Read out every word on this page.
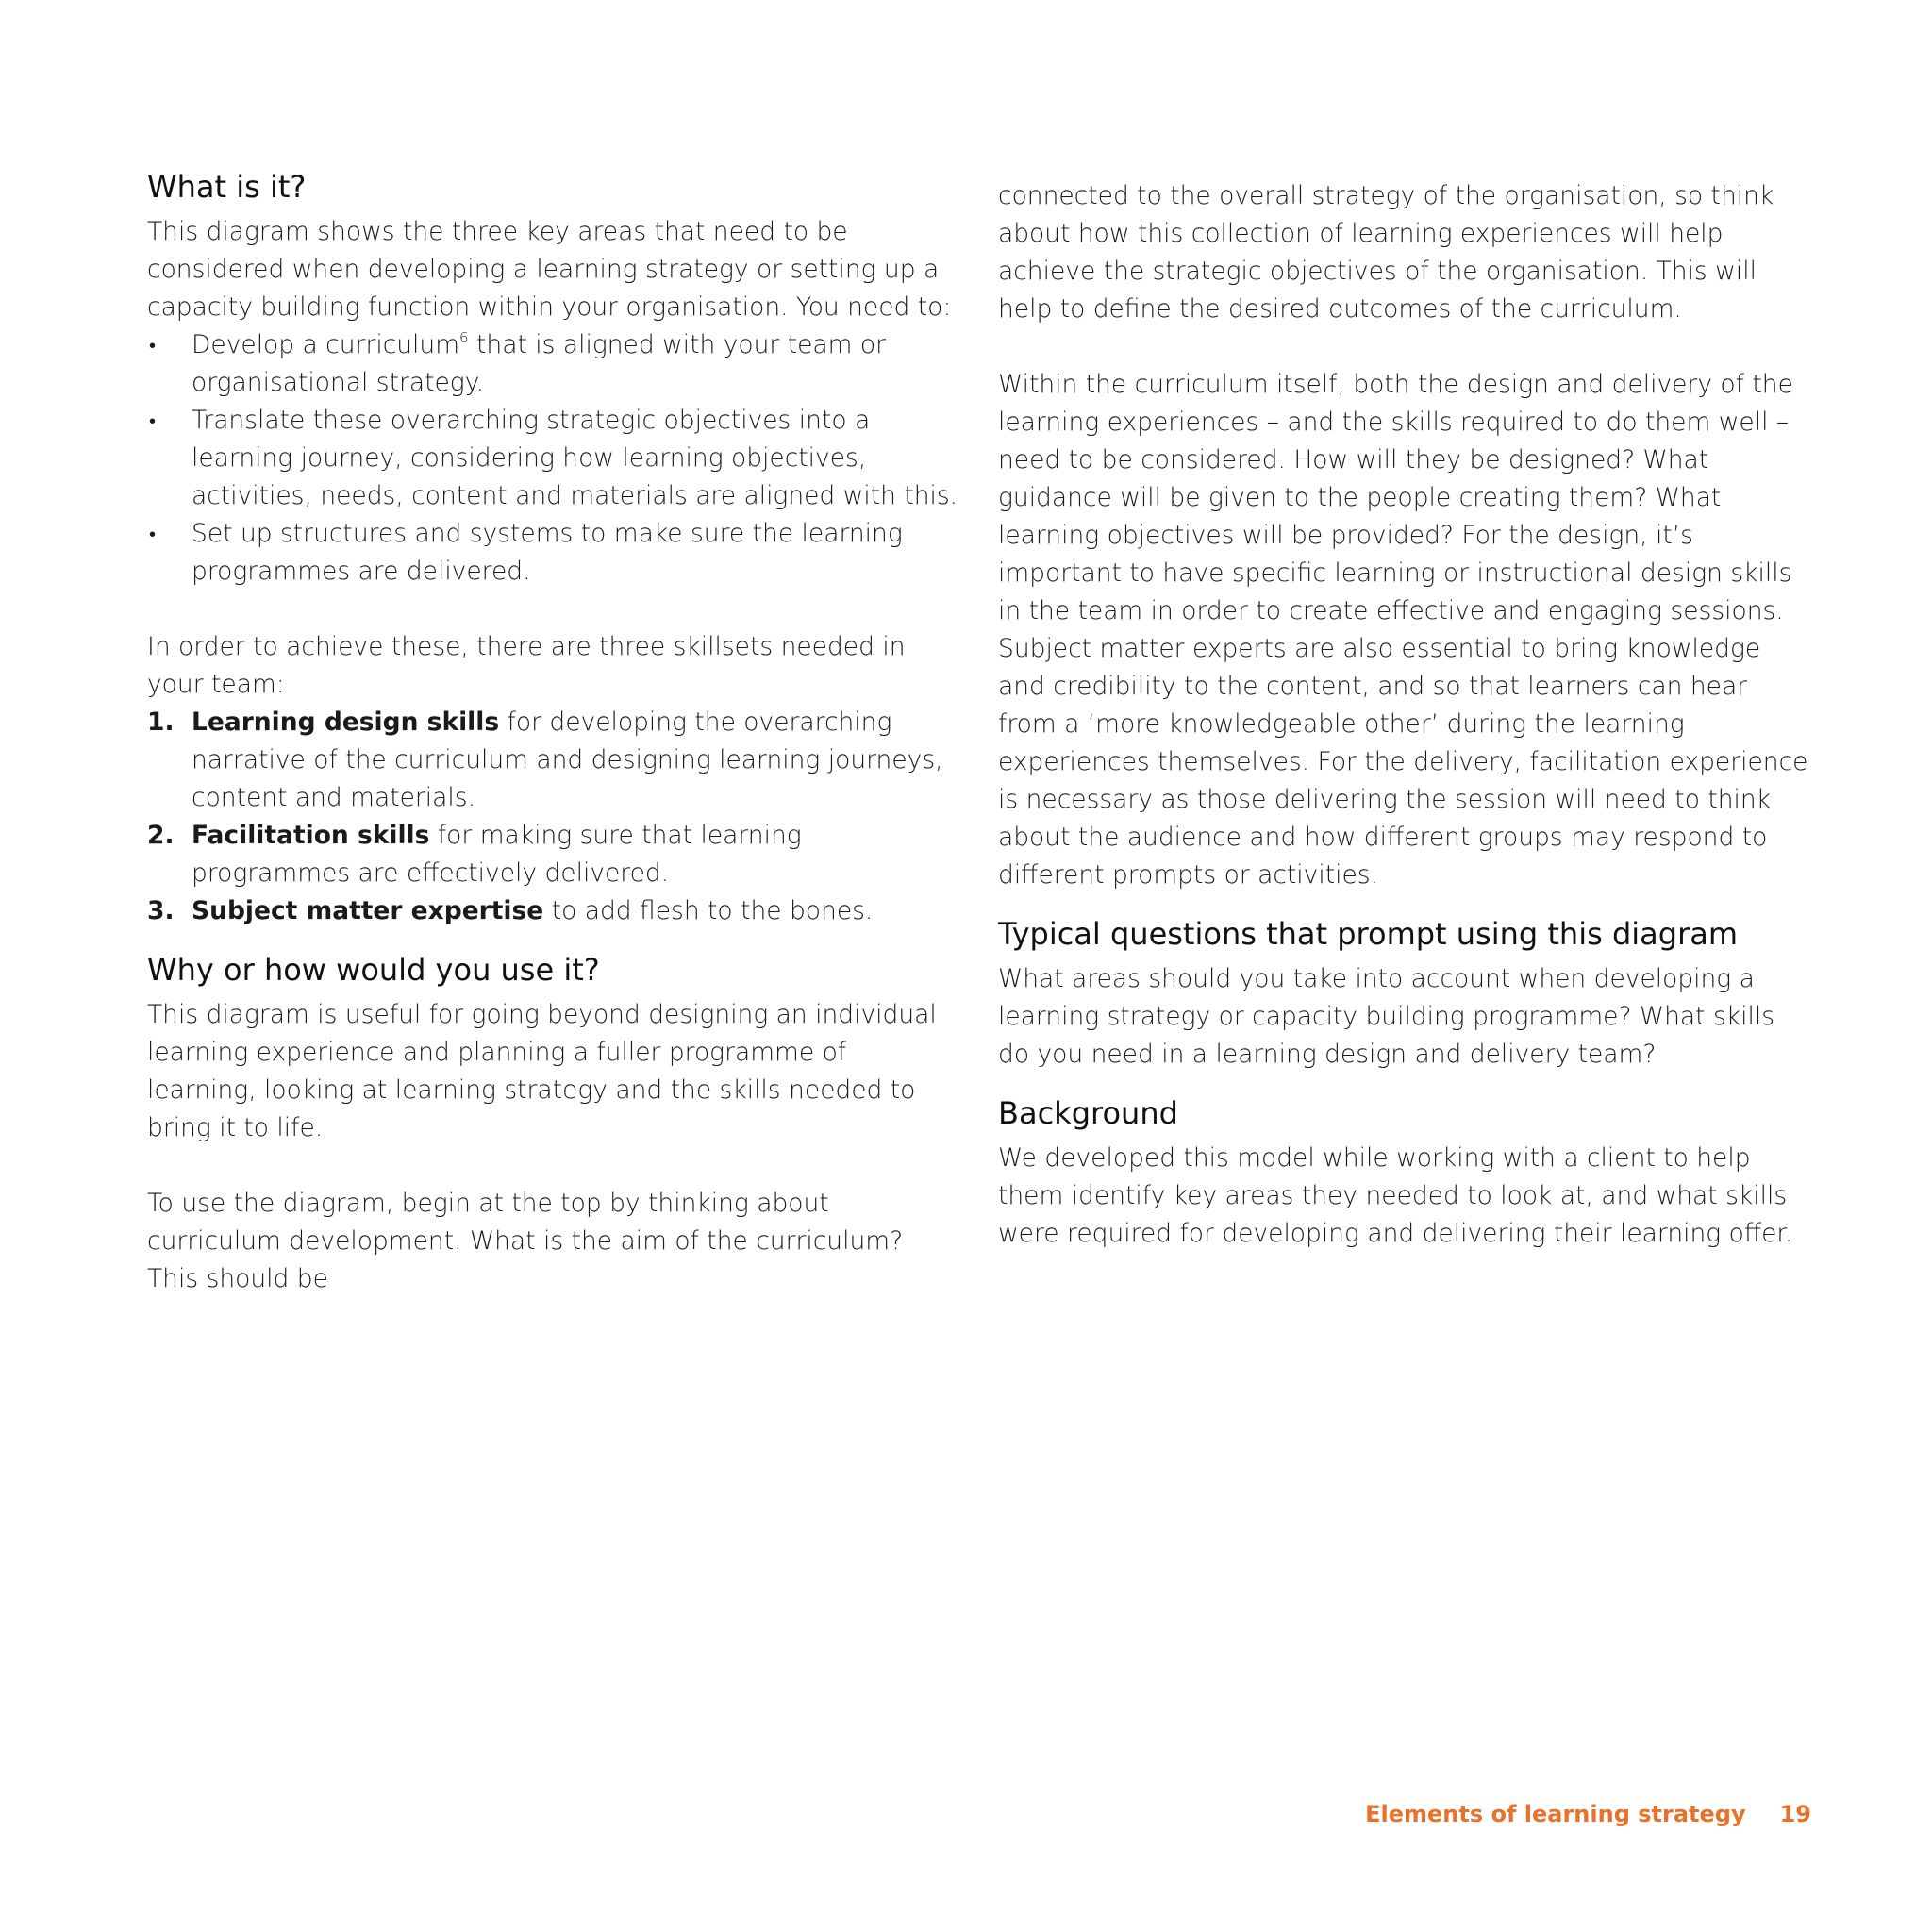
What is it?

This diagram shows the three key areas that need to be considered when developing a learning strategy or setting up a capacity building function within your organisation. You need to:

• Develop a curriculum$^6$ that is aligned with your team or organisational strategy.
• Translate these overarching strategic objectives into a learning journey, considering how learning objectives, activities, needs, content and materials are aligned with this.
• Set up structures and systems to make sure the learning programmes are delivered.

In order to achieve these, there are three skillsets needed in your team:

1. Learning design skills for developing the overarching narrative of the curriculum and designing learning journeys, content and materials.
2. Facilitation skills for making sure that learning programmes are effectively delivered.
3. Subject matter expertise to add flesh to the bones.
Why or how would you use it?

This diagram is useful for going beyond designing an individual learning experience and planning a fuller programme of learning, looking at learning strategy and the skills needed to bring it to life.

To use the diagram, begin at the top by thinking about curriculum development. What is the aim of the curriculum? This should be

connected to the overall strategy of the organisation, so think about how this collection of learning experiences will help achieve the strategic objectives of the organisation. This will help to define the desired outcomes of the curriculum.

Within the curriculum itself, both the design and delivery of the learning experiences – and the skills required to do them well – need to be considered. How will they be designed? What guidance will be given to the people creating them? What learning objectives will be provided? For the design, it’s important to have specific learning or instructional design skills in the team in order to create effective and engaging sessions. Subject matter experts are also essential to bring knowledge and credibility to the content, and so that learners can hear from a ‘more knowledgeable other’ during the learning experiences themselves. For the delivery, facilitation experience is necessary as those delivering the session will need to think about the audience and how different groups may respond to different prompts or activities.

Typical questions that prompt using this diagram

What areas should you take into account when developing a learning strategy or capacity building programme? What skills do you need in a learning design and delivery team?

Background

We developed this model while working with a client to help them identify key areas they needed to look at, and what skills were required for developing and delivering their learning offer.

Elements of learning strategy 19
